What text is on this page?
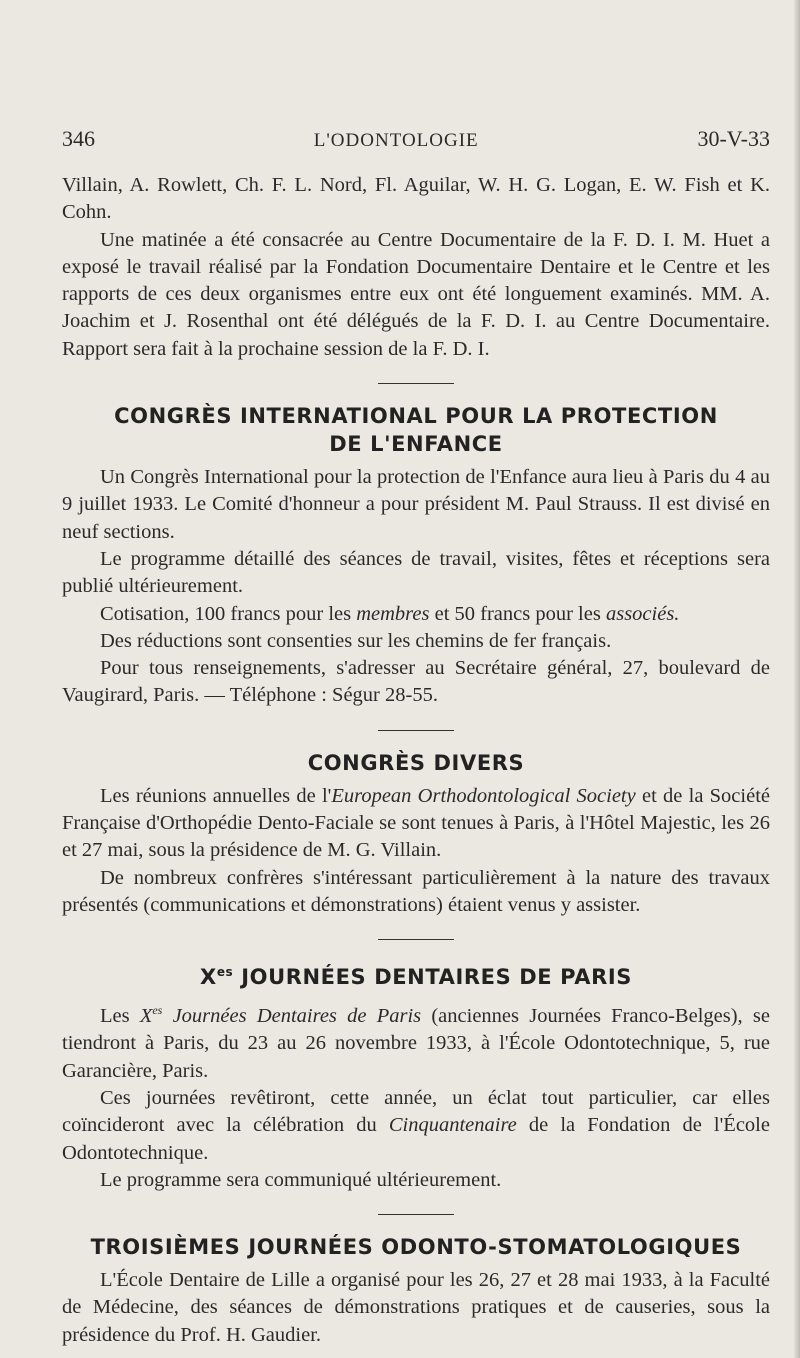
346	L'ODONTOLOGIE	30-V-33

Villain, A. Rowlett, Ch. F. L. Nord, Fl. Aguilar, W. H. G. Logan, E. W. Fish et K. Cohn.

Une matinée a été consacrée au Centre Documentaire de la F. D. I. M. Huet a exposé le travail réalisé par la Fondation Documentaire Dentaire et le Centre et les rapports de ces deux organismes entre eux ont été longuement examinés. MM. A. Joachim et J. Rosenthal ont été délégués de la F. D. I. au Centre Documentaire. Rapport sera fait à la prochaine session de la F. D. I.

CONGRÈS INTERNATIONAL POUR LA PROTECTION
DE L'ENFANCE

Un Congrès International pour la protection de l'Enfance aura lieu à Paris du 4 au 9 juillet 1933. Le Comité d'honneur a pour président M. Paul Strauss. Il est divisé en neuf sections.

Le programme détaillé des séances de travail, visites, fêtes et réceptions sera publié ultérieurement.

Cotisation, 100 francs pour les membres et 50 francs pour les associés.

Des réductions sont consenties sur les chemins de fer français.

Pour tous renseignements, s'adresser au Secrétaire général, 27, boulevard de Vaugirard, Paris. — Téléphone : Ségur 28-55.

CONGRÈS DIVERS

Les réunions annuelles de l'European Orthodontological Society et de la Société Française d'Orthopédie Dento-Faciale se sont tenues à Paris, à l'Hôtel Majestic, les 26 et 27 mai, sous la présidence de M. G. Villain.

De nombreux confrères s'intéressant particulièrement à la nature des travaux présentés (communications et démonstrations) étaient venus y assister.

$X^{es}$ JOURNÉES DENTAIRES DE PARIS

Les $X^{es}$ Journées Dentaires de Paris (anciennes Journées Franco-Belges), se tiendront à Paris, du 23 au 26 novembre 1933, à l'École Odontotechnique, 5, rue Garancière, Paris.

Ces journées revêtiront, cette année, un éclat tout particulier, car elles coïncideront avec la célébration du Cinquantenaire de la Fondation de l'École Odontotechnique.

Le programme sera communiqué ultérieurement.

TROISIÈMES JOURNÉES ODONTO-STOMATOLOGIQUES

L'École Dentaire de Lille a organisé pour les 26, 27 et 28 mai 1933, à la Faculté de Médecine, des séances de démonstrations pratiques et de causeries, sous la présidence du Prof. H. Gaudier.
